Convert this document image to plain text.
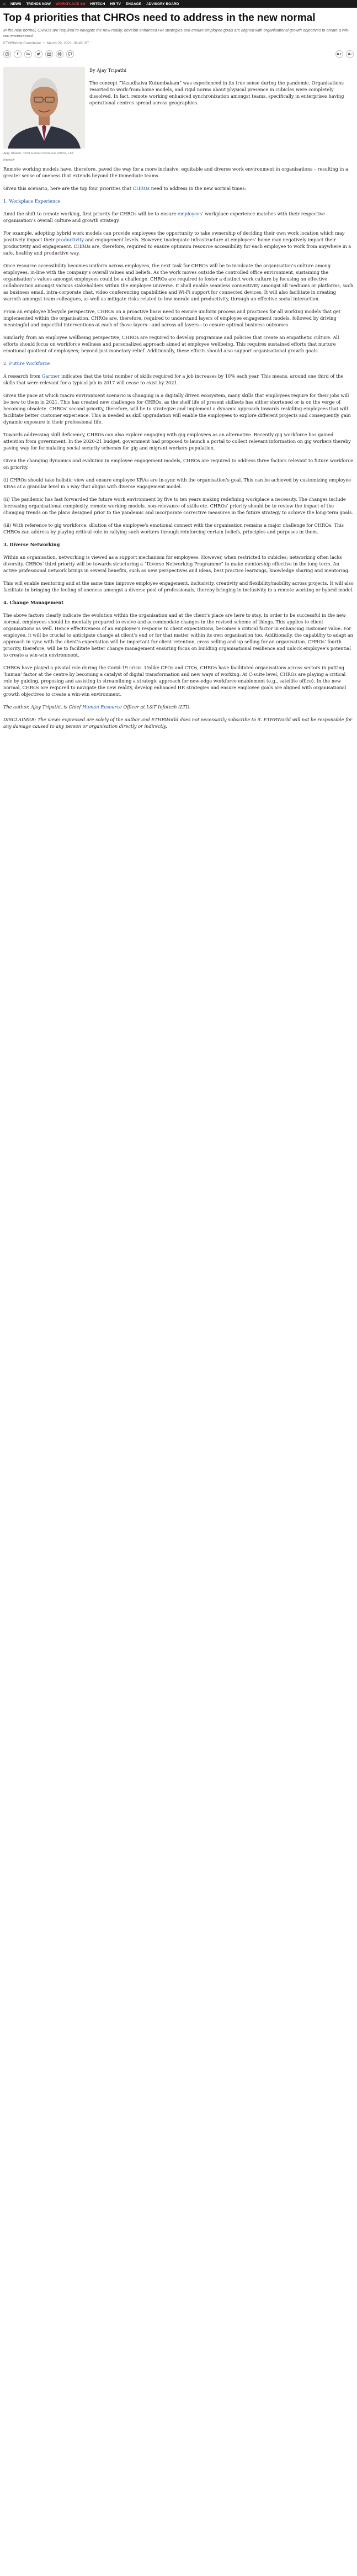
⌂ NEWS TRENDS NOW WORKPLACE 4.0 HRTECH HR TV ENGAGE ADVISORY BOARD
Top 4 priorities that CHROs need to address in the new normal

In the new normal, CHROs are required to navigate the new reality, develop enhanced HR strategies and ensure employee goals are aligned with organisational growth objectives to create a win-win environment.

ETHRWorld Contributor • March 29, 2021, 06:45 IST
f	in	A+	A-
Ajay Tripathi, Chief Human Resource Officer, L&T Infotech

By Ajay Tripathi

The concept “Vasudhaiva Kutumbakam” was experienced in its true sense during the pandemic. Organisations resorted to work-from-home models, and rigid norms about physical presence in cubicles were completely dissolved. In fact, remote working enhanced synchronization amongst teams, specifically in enterprises having operational centres spread across geographies.

Remote working models have, therefore, paved the way for a more inclusive, equitable and diverse work environment in organisations – resulting in a greater sense of oneness that extends beyond the immediate teams.

Given this scenario, here are the top four priorities that CHROs need to address in the new normal times:

1. Workplace Experience

Amid the shift to remote working, first priority for CHROs will be to ensure employees’ workplace experience matches with their respective organisation’s overall culture and growth strategy.

For example, adopting hybrid work models can provide employees the opportunity to take ownership of deciding their own work location which may positively impact their productivity and engagement levels. However, inadequate infrastructure at employees’ home may negatively impact their productivity and engagement. CHROs are, therefore, required to ensure optimum resource accessibility for each employee to work from anywhere in a safe, healthy and productive way.

Once resource accessibility becomes uniform across employees, the next task for CHROs will be to inculcate the organisation’s culture among employees, in-line with the company’s overall values and beliefs. As the work moves outside the controlled office environment, sustaining the organisation’s values amongst employees could be a challenge. CHROs are required to foster a distinct work culture by focusing on effective collaboration amongst various stakeholders within the employee universe. It shall enable seamless connectivity amongst all mediums or platforms, such as business email, intra-corporate chat, video conferencing capabilities and Wi-Fi support for connected devices. It will also facilitate in creating warmth amongst team colleagues, as well as mitigate risks related to low morale and productivity, through an effective social interaction.

From an employee lifecycle perspective, CHROs on a proactive basis need to ensure uniform process and practices for all working models that get implemented within the organisation. CHROs are, therefore, required to understand layers of employee engagement models, followed by driving meaningful and impactful interventions at each of those layers—and across all layers—to ensure optimal business outcomes.

Similarly, from an employee wellbeing perspective, CHROs are required to develop programme and policies that create an empathetic culture. All efforts should focus on workforce wellness and personalized approach aimed at employee wellbeing. This requires sustained efforts that nurture emotional quotient of employees; beyond just monetary relief. Additionally, these efforts should also support organisational growth goals.

2. Future Workforce

A research from Gartner indicates that the total number of skills required for a job increases by 10% each year. This means, around one third of the skills that were relevant for a typical job in 2017 will cease to exist by 2021.

Given the pace at which macro environment scenario is changing in a digitally driven ecosystem, many skills that employees require for their jobs will be new to them in 2021. This has created new challenges for CHROs, as the shelf life of present skillsets has either shortened or is on the verge of becoming obsolete. CHROs’ second priority, therefore, will be to strategize and implement a dynamic approach towards reskilling employees that will facilitate better customer experience. This is needed as skill upgradation will enable the employees to explore different projects and consequently gain dynamic exposure in their professional life.

Towards addressing skill deficiency, CHROs can also explore engaging with gig employees as an alternative. Recently gig workforce has gained attention from government. In the 2020-21 budget, government had proposed to launch a portal to collect relevant information on gig workers thereby paving way for formulating social security schemes for gig and migrant workers population.

Given the changing dynamics and evolution in employee engagement models, CHROs are required to address three factors relevant to future workforce on priority.

(i) CHROs should take holistic view and ensure employee KRAs are in-sync with the organisation’s goal. This can be achieved by customizing employee KRAs at a granular level in a way that aligns with diverse engagement model.

(ii) The pandemic has fast forwarded the future work environment by five to ten years making redefining workplace a necessity. The changes include increasing organisational complexity, remote working models, non-relevance of skills etc. CHROs’ priority should be to review the impact of the changing trends on the plans designed prior to the pandemic and incorporate corrective measures in the future strategy to achieve the long-term goals.

(iii) With reference to gig workforce, dilution of the employee’s emotional connect with the organisation remains a major challenge for CHROs. This CHROs can address by playing critical role in rallying such workers through reinforcing certain beliefs, principles and purposes in them.

3. Diverse Networking

Within an organisation, networking is viewed as a support mechanism for employees. However, when restricted to cubicles; networking often lacks diversity. CHROs’ third priority will be towards structuring a “Diverse Networking Programme” to make mentorship effective in the long term. An active professional network brings in several benefits, such as new perspectives and ideas, best practice learnings, knowledge sharing and mentoring.

This will enable mentoring and at the same time improve employee engagement, inclusivity, creativity and flexibility/mobility across projects. It will also facilitate in bringing the feeling of oneness amongst a diverse pool of professionals, thereby bringing in inclusivity in a remote working or hybrid model.

4. Change Management

The above factors clearly indicate the evolution within the organisation and at the client’s place are here to stay. In order to be successful in the new normal, employees should be mentally prepared to evolve and accommodate changes in the revised scheme of things. This applies to client organisations as well. Hence effectiveness of an employee’s response to client expectations, becomes a critical factor in enhancing customer value. For employee, it will be crucial to anticipate change at client’s end or for that matter within its own organisation too. Additionally, the capability to adapt an approach in sync with the client’s expectation will be important for client retention, cross selling and up selling for an organisation. CHROs’ fourth priority, therefore, will be to facilitate better change management ensuring focus on building organisational resilience and unlock employee’s potential to create a win-win environment.

CHROs have played a pivotal role during the Covid-19 crisis. Unlike CFOs and CTOs, CHROs have facilitated organisations across sectors in putting ‘human’ factor at the centre by becoming a catalyst of digital transformation and new ways of working. At C-suite level, CHROs are playing a critical role by guiding, proposing and assisting in streamlining a strategic approach for new-edge workforce enablement (e.g., satellite office). In the new normal, CHROs are required to navigate the new reality, develop enhanced HR strategies and ensure employee goals are aligned with organisational growth objectives to create a win-win environment.

The author, Ajay Tripathi, is Chief Human Resource Officer at L&T Infotech (LTI).

DISCLAIMER: The views expressed are solely of the author and ETHRWorld does not necessarily subscribe to it. ETHRWorld will not be responsible for any damage caused to any person or organisation directly or indirectly.
